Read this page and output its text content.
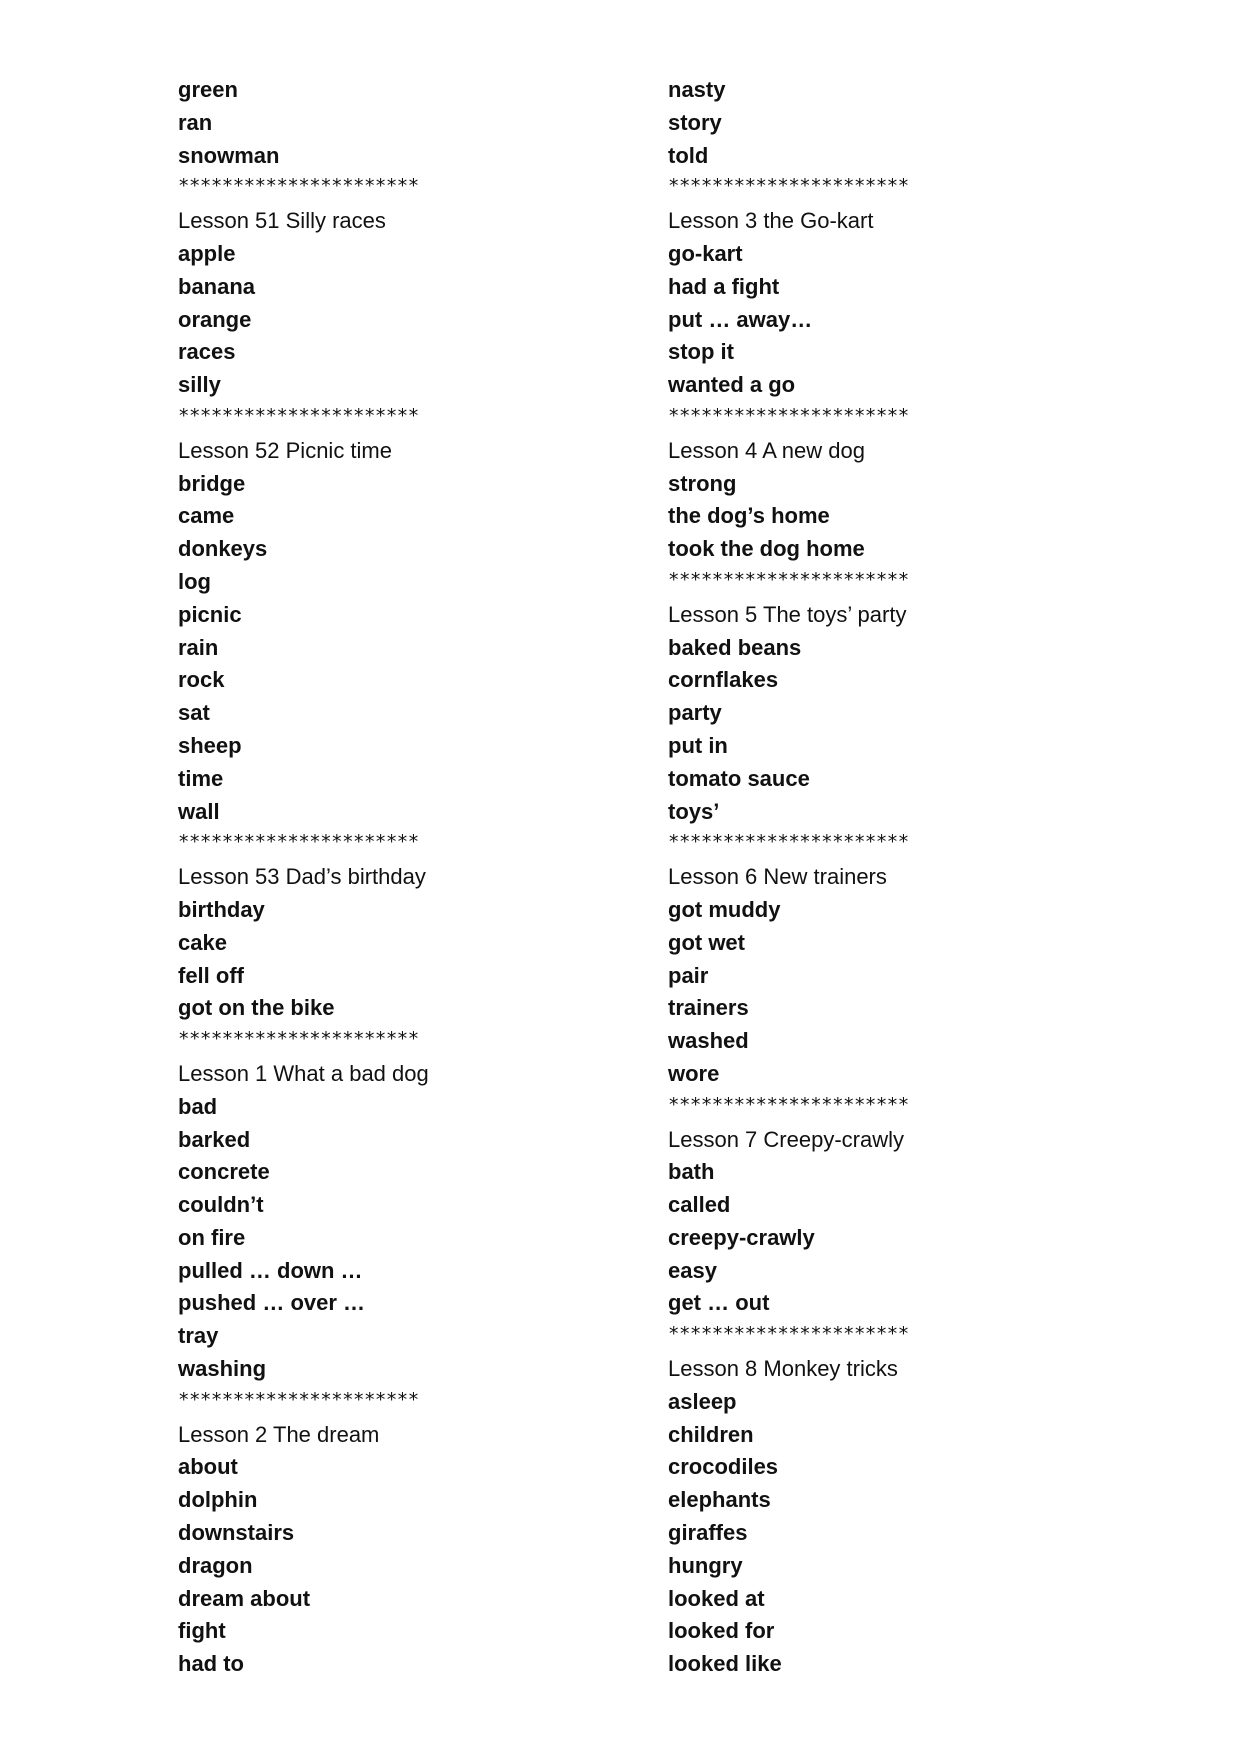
green
ran
snowman
**********************
Lesson 51 Silly races
apple
banana
orange
races
silly
**********************
Lesson 52 Picnic time
bridge
came
donkeys
log
picnic
rain
rock
sat
sheep
time
wall
**********************
Lesson 53 Dad’s birthday
birthday
cake
fell off
got on the bike
**********************
Lesson 1 What a bad dog
bad
barked
concrete
couldn’t
on fire
pulled … down …
pushed … over …
tray
washing
**********************
Lesson 2 The dream
about
dolphin
downstairs
dragon
dream about
fight
had to
nasty
story
told
**********************
Lesson 3 the Go-kart
go-kart
had a fight
put … away…
stop it
wanted a go
**********************
Lesson 4 A new dog
strong
the dog’s home
took the dog home
**********************
Lesson 5 The toys’ party
baked beans
cornflakes
party
put in
tomato sauce
toys’
**********************
Lesson 6 New trainers
got muddy
got wet
pair
trainers
washed
wore
**********************
Lesson 7 Creepy-crawly
bath
called
creepy-crawly
easy
get … out
**********************
Lesson 8 Monkey tricks
asleep
children
crocodiles
elephants
giraffes
hungry
looked at
looked for
looked like
